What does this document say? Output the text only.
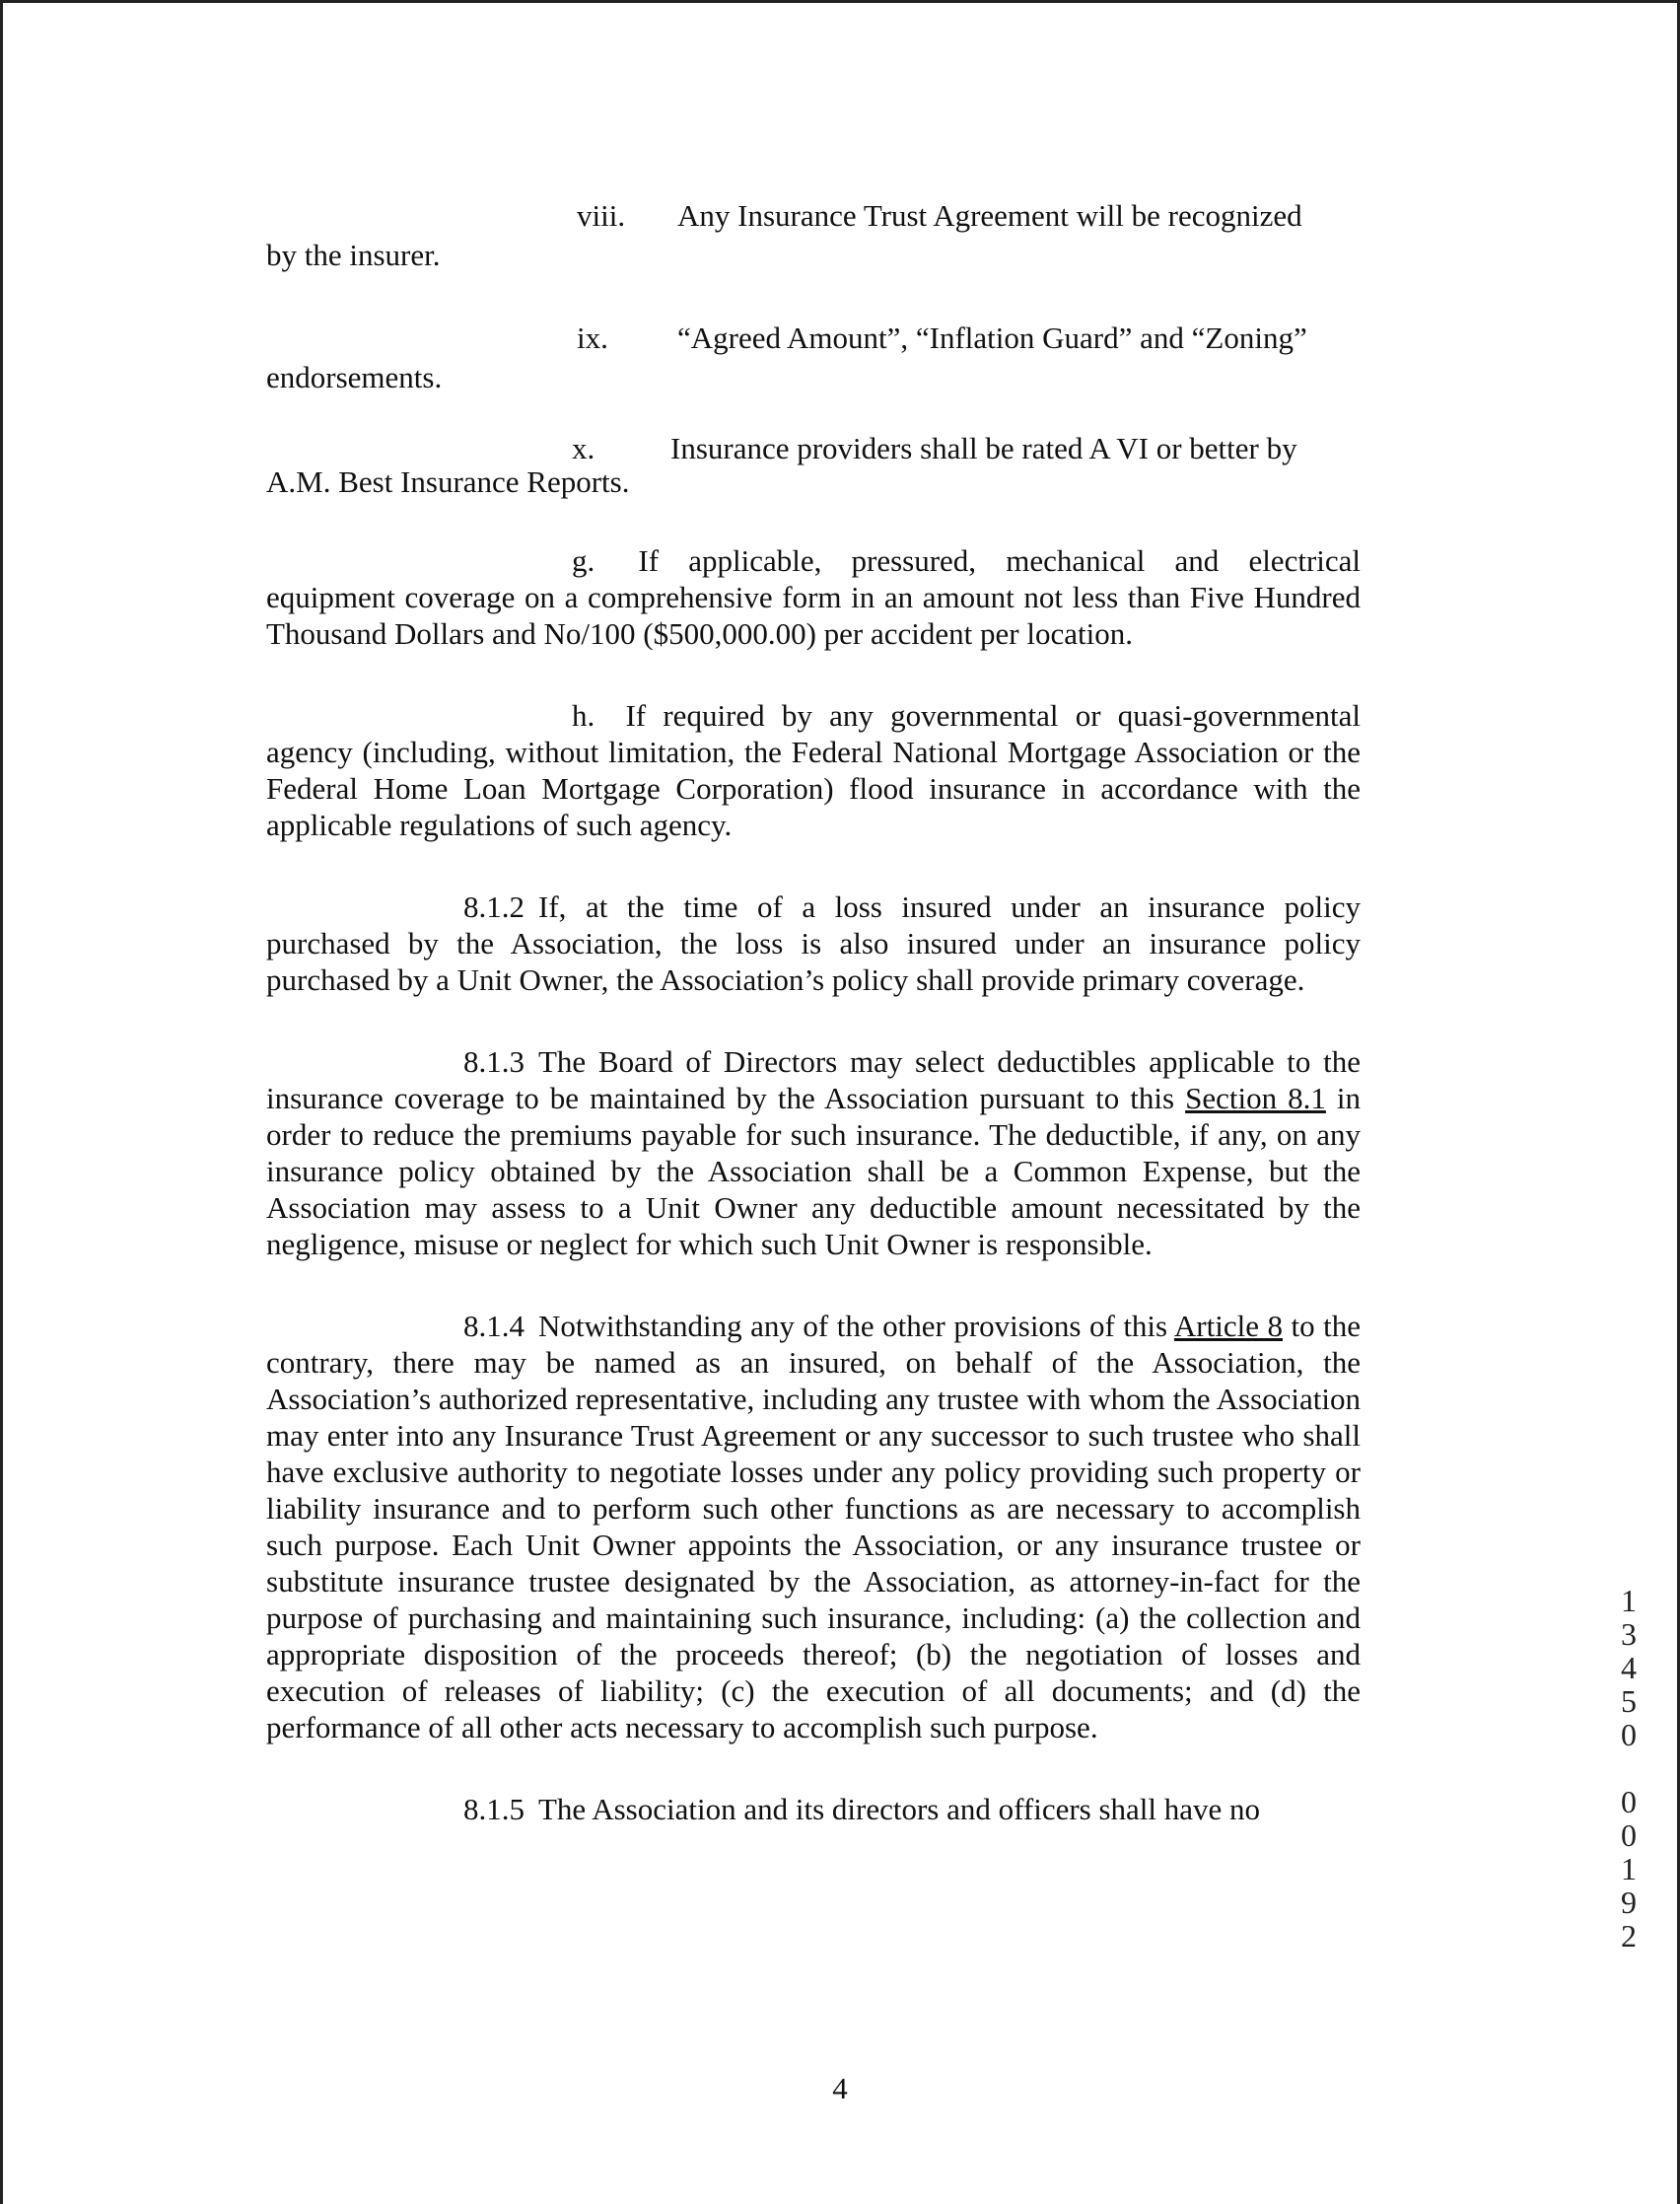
viii. Any Insurance Trust Agreement will be recognized
by the insurer.
ix. “Agreed Amount”, “Inflation Guard” and “Zoning”
endorsements.
x. Insurance providers shall be rated A VI or better by
A.M. Best Insurance Reports.

g. If applicable, pressured, mechanical and electrical equipment coverage on a comprehensive form in an amount not less than Five Hundred Thousand Dollars and No/100 ($500,000.00) per accident per location.

h. If required by any governmental or quasi-governmental agency (including, without limitation, the Federal National Mortgage Association or the Federal Home Loan Mortgage Corporation) flood insurance in accordance with the applicable regulations of such agency.

8.1.2 If, at the time of a loss insured under an insurance policy purchased by the Association, the loss is also insured under an insurance policy purchased by a Unit Owner, the Association’s policy shall provide primary coverage.

8.1.3 The Board of Directors may select deductibles applicable to the insurance coverage to be maintained by the Association pursuant to this Section 8.1 in order to reduce the premiums payable for such insurance. The deductible, if any, on any insurance policy obtained by the Association shall be a Common Expense, but the Association may assess to a Unit Owner any deductible amount necessitated by the negligence, misuse or neglect for which such Unit Owner is responsible.

8.1.4 Notwithstanding any of the other provisions of this Article 8 to the contrary, there may be named as an insured, on behalf of the Association, the Association’s authorized representative, including any trustee with whom the Association may enter into any Insurance Trust Agreement or any successor to such trustee who shall have exclusive authority to negotiate losses under any policy providing such property or liability insurance and to perform such other functions as are necessary to accomplish such purpose. Each Unit Owner appoints the Association, or any insurance trustee or substitute insurance trustee designated by the Association, as attorney-in-fact for the purpose of purchasing and maintaining such insurance, including: (a) the collection and appropriate disposition of the proceeds thereof; (b) the negotiation of losses and execution of releases of liability; (c) the execution of all documents; and (d) the performance of all other acts necessary to accomplish such purpose.

8.1.5 The Association and its directors and officers shall have no

4
13450
00192
